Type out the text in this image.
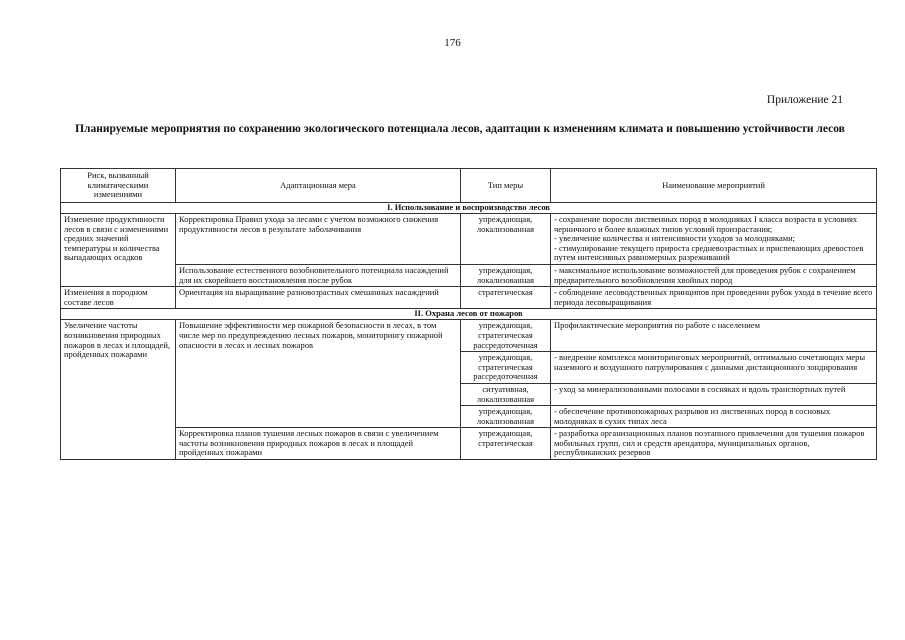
176
Приложение 21
Планируемые мероприятия по сохранению экологического потенциала лесов, адаптации к изменениям климата и повышению устойчивости лесов
Риск, вызванный климатическими изменениями	Адаптационная мера	Тип меры	Наименование мероприятий
I. Использование и воспроизводство лесов			
Изменение продуктивности лесов в связи с изменениями средних значений температуры и количества выпадающих осадков	Корректировка Правил ухода за лесами с учетом возможного снижения продуктивности лесов в результате заболачивания	упреждающая, локализованная	- сохранение поросли лиственных пород в молодняках I класса возраста в условиях черничного и более влажных типов условий произрастания;
- увеличение количества и интенсивности уходов за молодняками;
- стимулирование текущего прироста средневозрастных и приспевающих древостоев путем интенсивных равномерных разреживаний
	Использование естественного возобновительного потенциала насаждений для их скорейшего восстановления после рубок	упреждающая, локализованная	- максимальное использование возможностей для проведения рубок с сохранением предварительного возобновления хвойных пород
Изменения в породном составе лесов	Ориентация на выращивание разновозрастных смешанных насаждений	стратегическая	- соблюдение лесоводственных принципов при проведении рубок ухода в течение всего периода лесовыращивания
II. Охрана лесов от пожаров			
Увеличение частоты возникновения природных пожаров в лесах и площадей, пройденных пожарами	Повышение эффективности мер пожарной безопасности в лесах, в том числе мер по предупреждению лесных пожаров, мониторингу пожарной опасности в лесах и лесных пожаров	упреждающая, стратегическая рассредоточенная	Профилактические мероприятия по работе с населением
		упреждающая, стратегическая рассредоточенная	- внедрение комплекса мониторинговых мероприятий, оптимально сочетающих меры наземного и воздушного патрулирования с данными дистанционного зондирования
		ситуативная, локализованная	- уход за минерализованными полосами в сосняках и вдоль транспортных путей
		упреждающая, локализованная	- обеспечение противопожарных разрывов из лиственных пород в сосновых молодняках в сухих типах леса
	Корректировка планов тушения лесных пожаров в связи с увеличением частоты возникновения природных пожаров в лесах и площадей пройденных пожарами	упреждающая, стратегическая	- разработка организационных планов поэтапного привлечения для тушения пожаров мобильных групп, сил и средств арендатора, муниципальных органов, республиканских резервов
